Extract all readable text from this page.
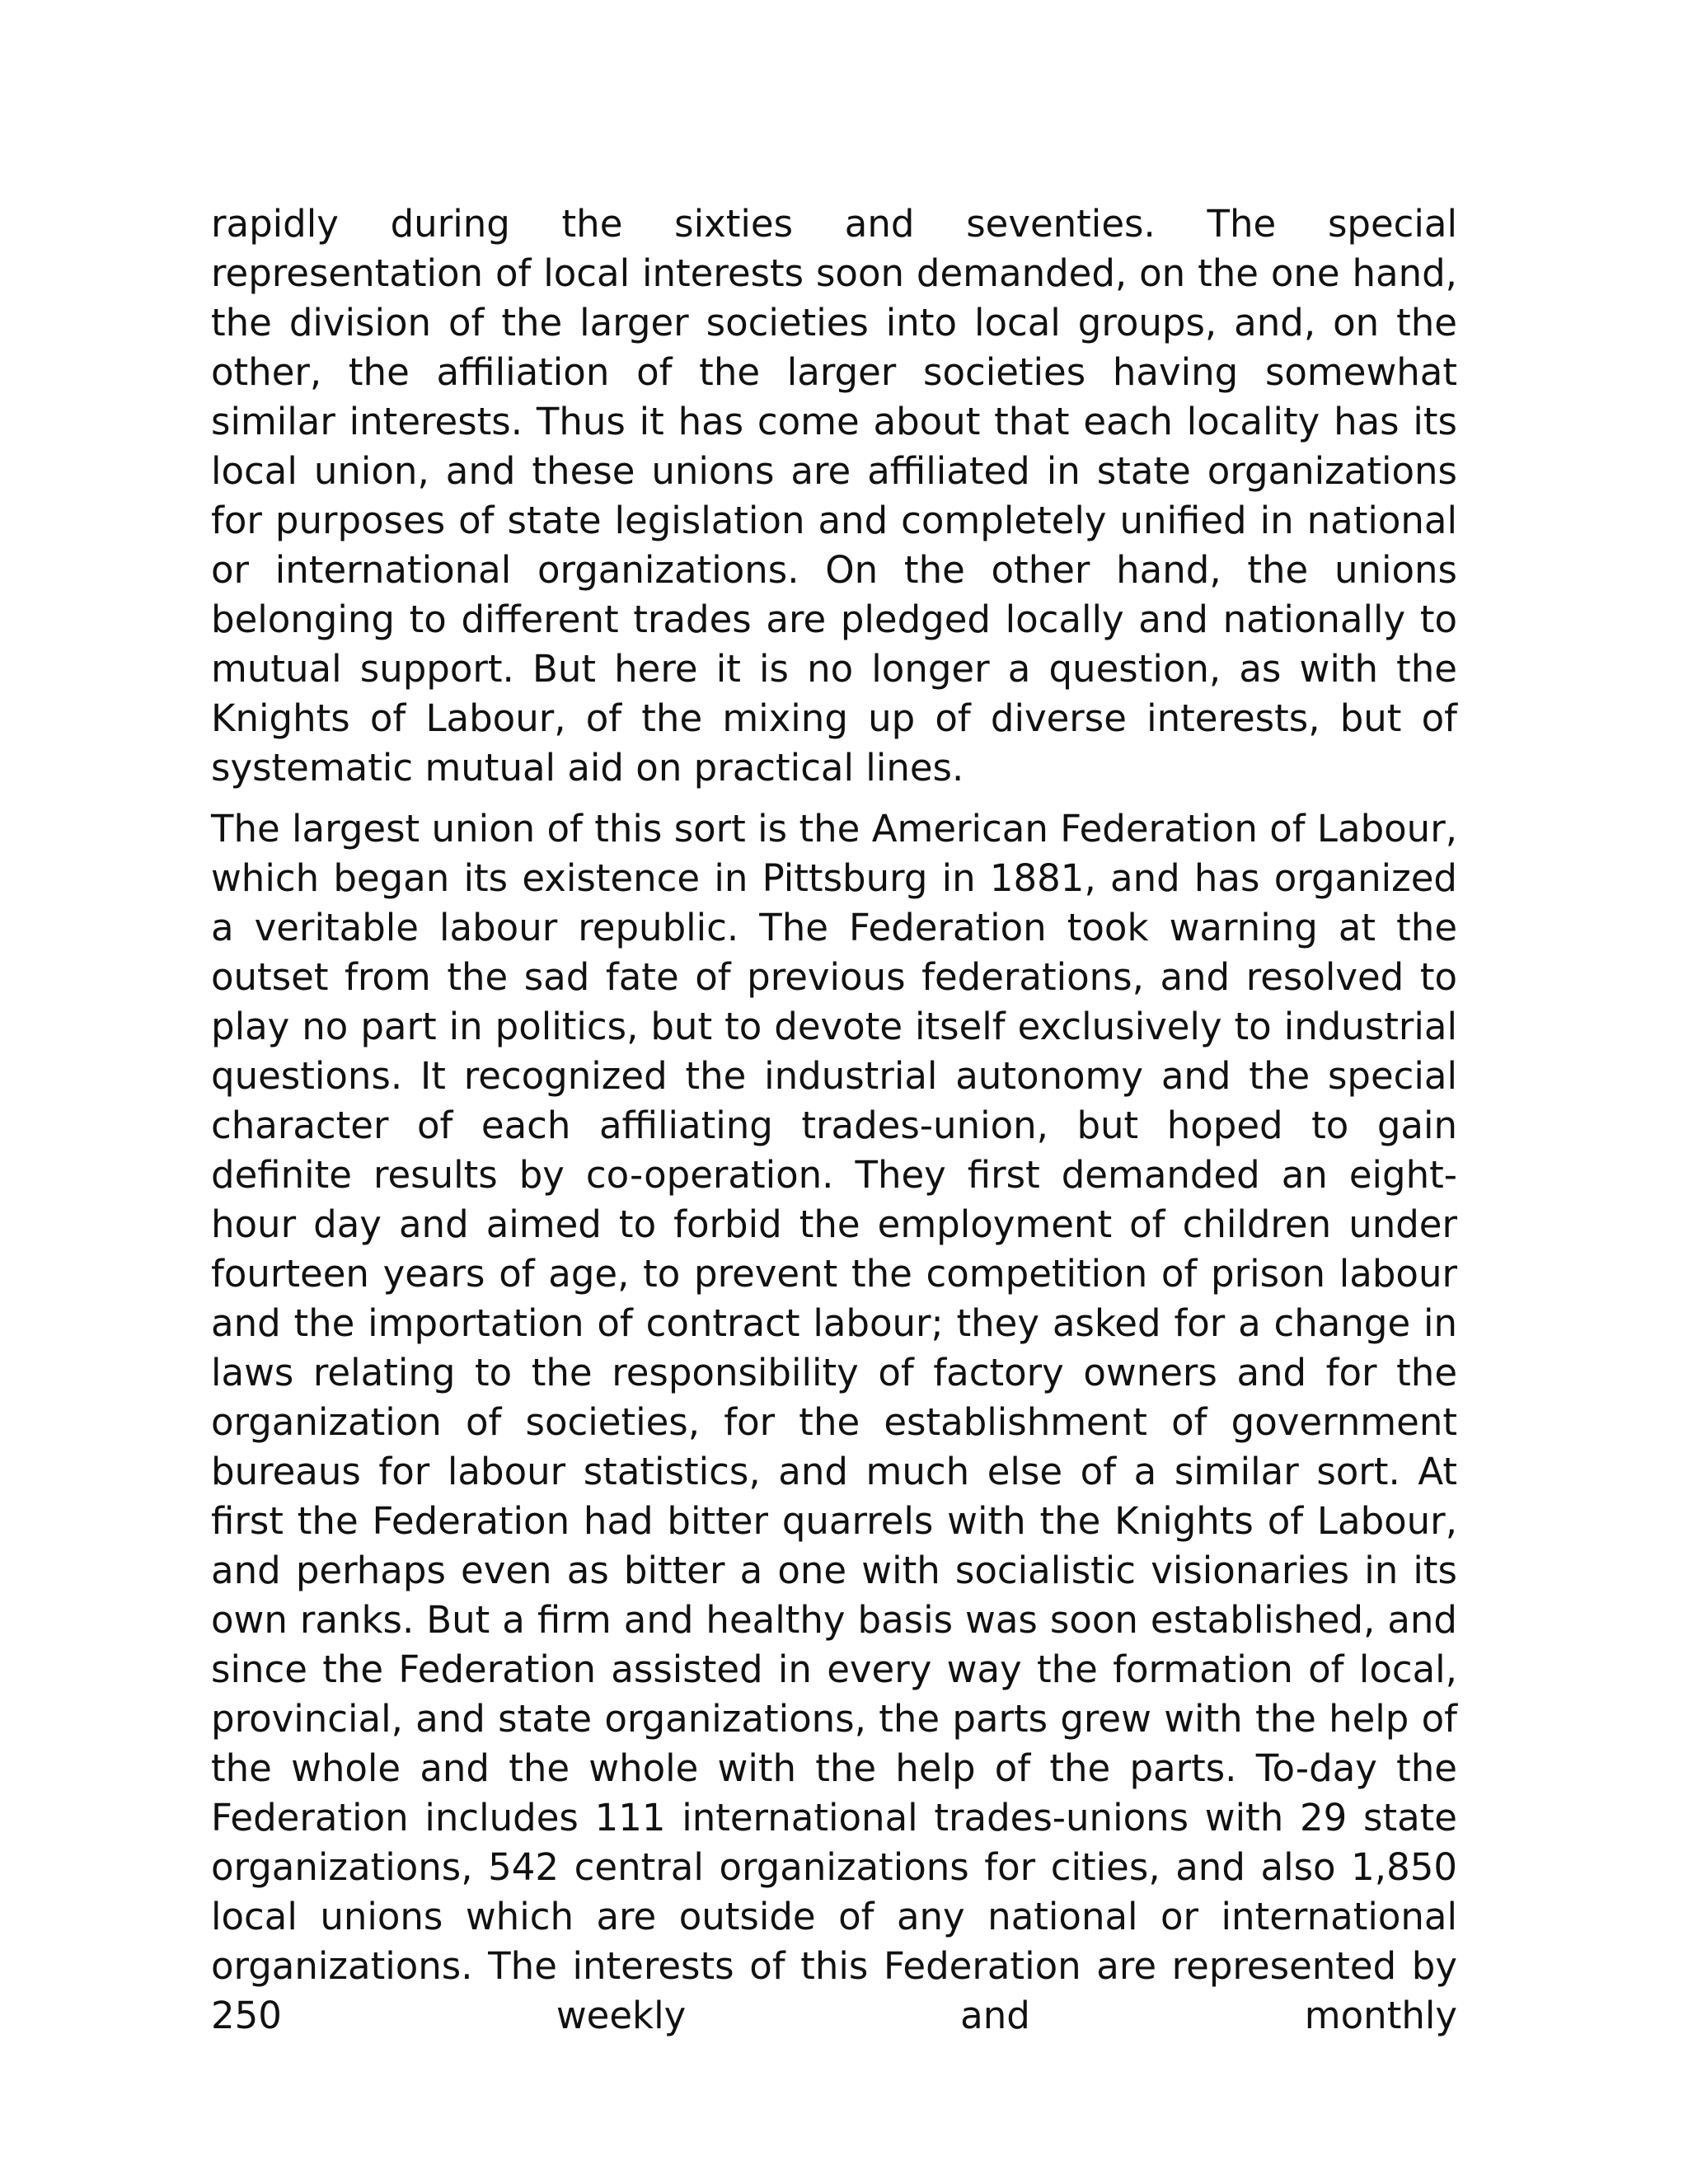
rapidly during the sixties and seventies. The special representation of local interests soon demanded, on the one hand, the division of the larger societies into local groups, and, on the other, the affiliation of the larger societies having somewhat similar interests. Thus it has come about that each locality has its local union, and these unions are affiliated in state organizations for purposes of state legislation and completely unified in national or international organizations. On the other hand, the unions belonging to different trades are pledged locally and nationally to mutual support. But here it is no longer a question, as with the Knights of Labour, of the mixing up of diverse interests, but of systematic mutual aid on practical lines.

The largest union of this sort is the American Federation of Labour, which began its existence in Pittsburg in 1881, and has organized a veritable labour republic. The Federation took warning at the outset from the sad fate of previous federations, and resolved to play no part in politics, but to devote itself exclusively to industrial questions. It recognized the industrial autonomy and the special character of each affiliating trades-union, but hoped to gain definite results by co-operation. They first demanded an eight-hour day and aimed to forbid the employment of children under fourteen years of age, to prevent the competition of prison labour and the importation of contract labour; they asked for a change in laws relating to the responsibility of factory owners and for the organization of societies, for the establishment of government bureaus for labour statistics, and much else of a similar sort. At first the Federation had bitter quarrels with the Knights of Labour, and perhaps even as bitter a one with socialistic visionaries in its own ranks. But a firm and healthy basis was soon established, and since the Federation assisted in every way the formation of local, provincial, and state organizations, the parts grew with the help of the whole and the whole with the help of the parts. To-day the Federation includes 111 international trades-unions with 29 state organizations, 542 central organizations for cities, and also 1,850 local unions which are outside of any national or international organizations. The interests of this Federation are represented by 250 weekly and monthly
